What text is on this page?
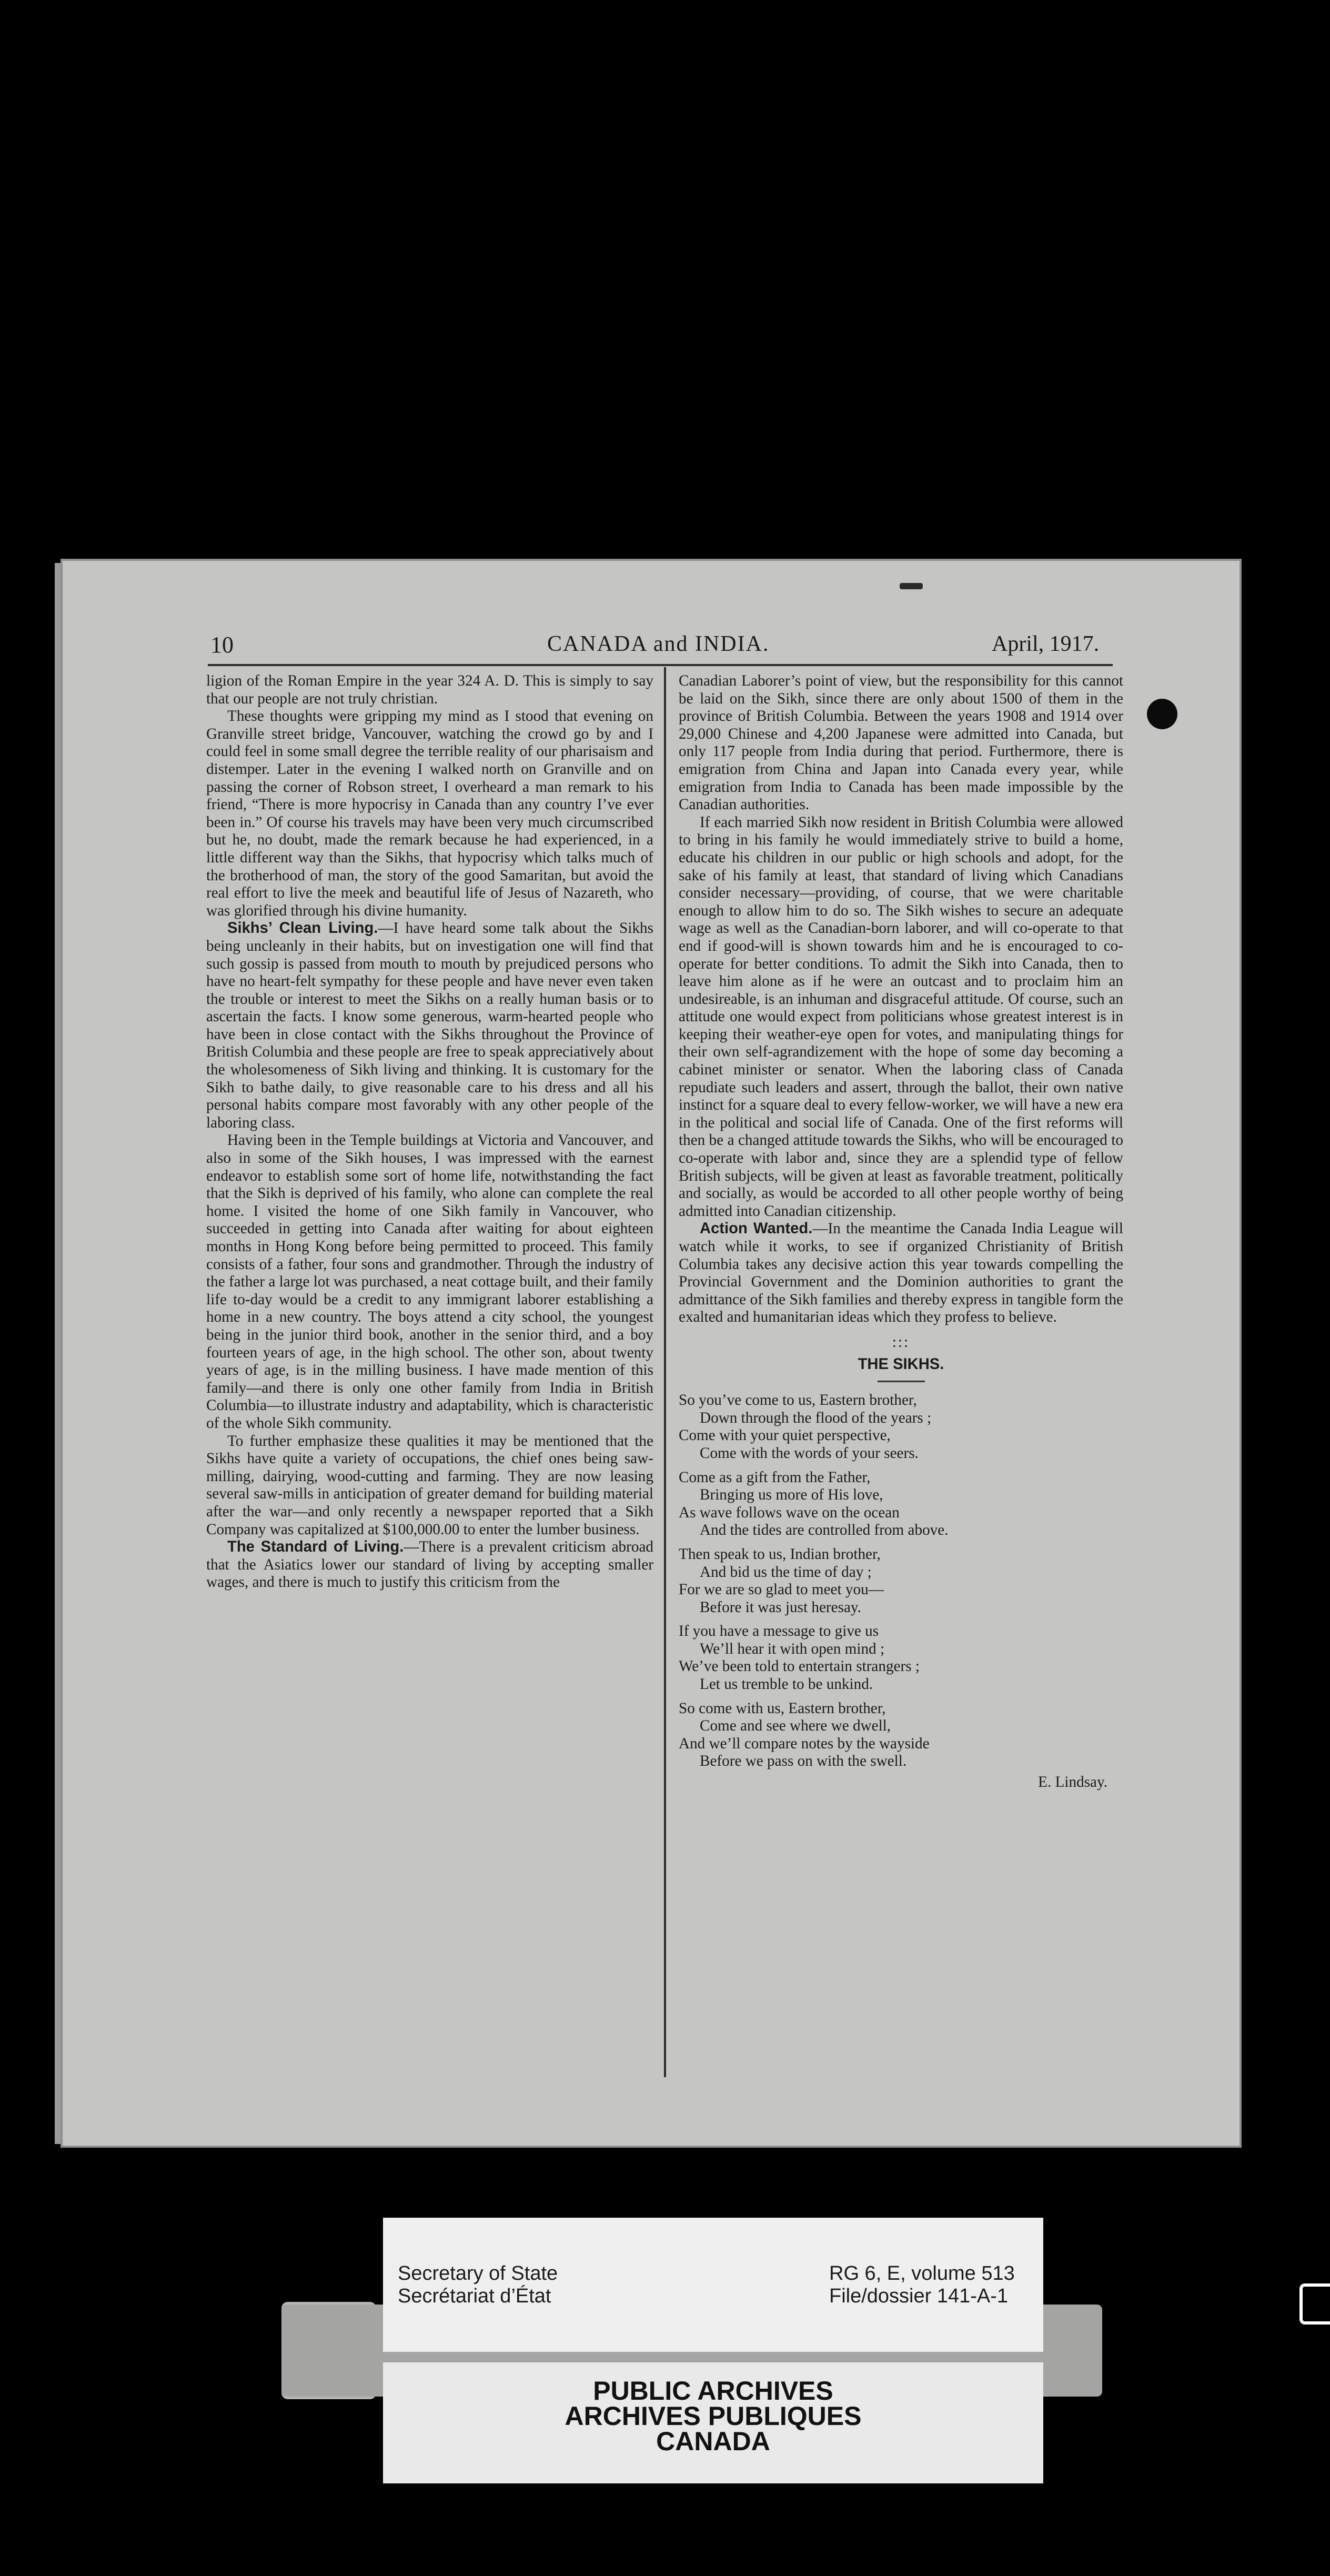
10	CANADA and INDIA.	April, 1917.

ligion of the Roman Empire in the year 324 A. D. This is simply to say that our people are not truly christian.

These thoughts were gripping my mind as I stood that evening on Granville street bridge, Vancouver, watching the crowd go by and I could feel in some small degree the terrible reality of our pharisaism and distemper. Later in the evening I walked north on Granville and on passing the corner of Robson street, I overheard a man remark to his friend, “There is more hypocrisy in Canada than any country I’ve ever been in.” Of course his travels may have been very much circumscribed but he, no doubt, made the remark because he had experienced, in a little different way than the Sikhs, that hypocrisy which talks much of the brotherhood of man, the story of the good Samaritan, but avoid the real effort to live the meek and beautiful life of Jesus of Nazareth, who was glorified through his divine humanity.

Sikhs’ Clean Living.—I have heard some talk about the Sikhs being uncleanly in their habits, but on investigation one will find that such gossip is passed from mouth to mouth by prejudiced persons who have no heart-felt sympathy for these people and have never even taken the trouble or interest to meet the Sikhs on a really human basis or to ascertain the facts. I know some generous, warm-hearted people who have been in close contact with the Sikhs throughout the Province of British Columbia and these people are free to speak appreciatively about the wholesomeness of Sikh living and thinking. It is customary for the Sikh to bathe daily, to give reasonable care to his dress and all his personal habits compare most favorably with any other people of the laboring class.

Having been in the Temple buildings at Victoria and Vancouver, and also in some of the Sikh houses, I was impressed with the earnest endeavor to establish some sort of home life, notwithstanding the fact that the Sikh is deprived of his family, who alone can complete the real home. I visited the home of one Sikh family in Vancouver, who succeeded in getting into Canada after waiting for about eighteen months in Hong Kong before being permitted to proceed. This family consists of a father, four sons and grandmother. Through the industry of the father a large lot was purchased, a neat cottage built, and their family life to-day would be a credit to any immigrant laborer establishing a home in a new country. The boys attend a city school, the youngest being in the junior third book, another in the senior third, and a boy fourteen years of age, in the high school. The other son, about twenty years of age, is in the milling business. I have made mention of this family—and there is only one other family from India in British Columbia—to illustrate industry and adaptability, which is characteristic of the whole Sikh community.

To further emphasize these qualities it may be mentioned that the Sikhs have quite a variety of occupations, the chief ones being saw-milling, dairying, wood-cutting and farming. They are now leasing several saw-mills in anticipation of greater demand for building material after the war—and only recently a newspaper reported that a Sikh Company was capitalized at $100,000.00 to enter the lumber business.

The Standard of Living.—There is a prevalent criticism abroad that the Asiatics lower our standard of living by accepting smaller wages, and there is much to justify this criticism from the

Canadian Laborer’s point of view, but the responsibility for this cannot be laid on the Sikh, since there are only about 1500 of them in the province of British Columbia. Between the years 1908 and 1914 over 29,000 Chinese and 4,200 Japanese were admitted into Canada, but only 117 people from India during that period. Furthermore, there is emigration from China and Japan into Canada every year, while emigration from India to Canada has been made impossible by the Canadian authorities.

If each married Sikh now resident in British Columbia were allowed to bring in his family he would immediately strive to build a home, educate his children in our public or high schools and adopt, for the sake of his family at least, that standard of living which Canadians consider necessary—providing, of course, that we were charitable enough to allow him to do so. The Sikh wishes to secure an adequate wage as well as the Canadian-born laborer, and will co-operate to that end if good-will is shown towards him and he is encouraged to co-operate for better conditions. To admit the Sikh into Canada, then to leave him alone as if he were an outcast and to proclaim him an undesireable, is an inhuman and disgraceful attitude. Of course, such an attitude one would expect from politicians whose greatest interest is in keeping their weather-eye open for votes, and manipulating things for their own self-agrandizement with the hope of some day becoming a cabinet minister or senator. When the laboring class of Canada repudiate such leaders and assert, through the ballot, their own native instinct for a square deal to every fellow-worker, we will have a new era in the political and social life of Canada. One of the first reforms will then be a changed attitude towards the Sikhs, who will be encouraged to co-operate with labor and, since they are a splendid type of fellow British subjects, will be given at least as favorable treatment, politically and socially, as would be accorded to all other people worthy of being admitted into Canadian citizenship.

Action Wanted.—In the meantime the Canada India League will watch while it works, to see if organized Christianity of British Columbia takes any decisive action this year towards compelling the Provincial Government and the Dominion authorities to grant the admittance of the Sikh families and thereby express in tangible form the exalted and humanitarian ideas which they profess to believe.

:::
THE SIKHS.
So you’ve come to us, Eastern brother,
Down through the flood of the years ;
Come with your quiet perspective,
Come with the words of your seers.
Come as a gift from the Father,
Bringing us more of His love,
As wave follows wave on the ocean
And the tides are controlled from above.
Then speak to us, Indian brother,
And bid us the time of day ;
For we are so glad to meet you—
Before it was just heresay.
If you have a message to give us
We’ll hear it with open mind ;
We’ve been told to entertain strangers ;
Let us tremble to be unkind.
So come with us, Eastern brother,
Come and see where we dwell,
And we’ll compare notes by the wayside
Before we pass on with the swell.
E. Lindsay.
Secretary of State
Secrétariat d’État
RG 6, E, volume 513
File/dossier 141-A-1
PUBLIC ARCHIVES
ARCHIVES PUBLIQUES
CANADA
